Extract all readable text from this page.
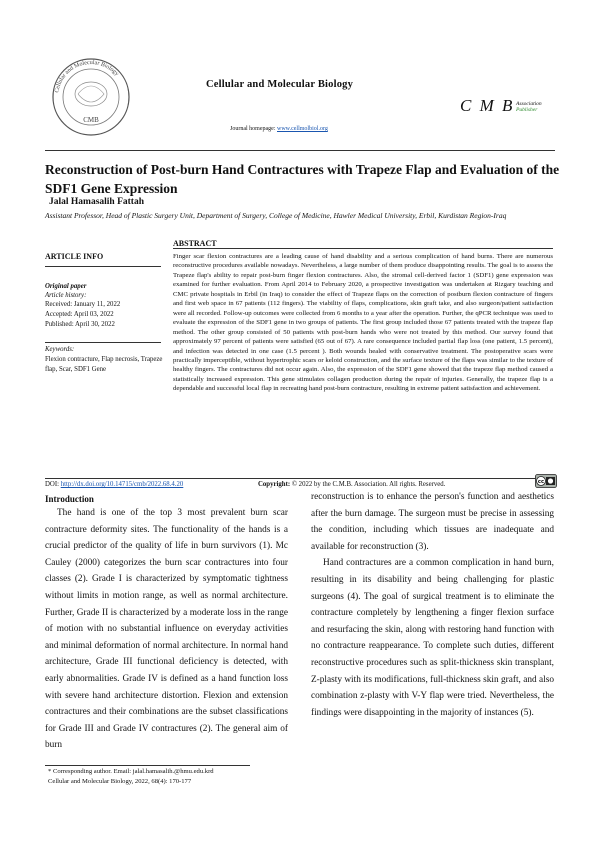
Cellular and Molecular Biology
CMB
Cellular and Molecular Biology
Journal homepage: www.cellmolbiol.org
C M B Association
Publisher
Reconstruction of Post-burn Hand Contractures with Trapeze Flap and Evaluation of the SDF1 Gene Expression
Jalal Hamasalih Fattah
Assistant Professor, Head of Plastic Surgery Unit, Department of Surgery, College of Medicine, Hawler Medical University, Erbil, Kurdistan Region-Iraq
ABSTRACT
ARTICLE INFO
Original paper
Article history:
Received: January 11, 2022
Accepted: April 03, 2022
Published: April 30, 2022
Keywords:
Flexion contracture, Flap necrosis, Trapeze flap, Scar, SDF1 Gene
Finger scar flexion contractures are a leading cause of hand disability and a serious complication of hand burns. There are numerous reconstructive procedures available nowadays. Nevertheless, a large number of them produce disappointing results. The goal is to assess the Trapeze flap's ability to repair post-burn finger flexion contractures. Also, the stromal cell-derived factor 1 (SDF1) gene expression was examined for further evaluation. From April 2014 to February 2020, a prospective investigation was undertaken at Rizgary teaching and CMC private hospitals in Erbil (in Iraq) to consider the effect of Trapeze flaps on the correction of postburn flexion contracture of fingers and first web space in 67 patients (112 fingers). The viability of flaps, complications, skin graft take, and also surgeon/patient satisfaction were all recorded. Follow-up outcomes were collected from 6 months to a year after the operation. Further, the qPCR technique was used to evaluate the expression of the SDF1 gene in two groups of patients. The first group included those 67 patients treated with the trapeze flap method. The other group consisted of 50 patients with post-burn hands who were not treated by this method. Our survey found that approximately 97 percent of patients were satisfied (65 out of 67). A rare consequence included partial flap loss (one patient, 1.5 percent), and infection was detected in one case (1.5 percent ). Both wounds healed with conservative treatment. The postoperative scars were practically imperceptible, without hypertrophic scars or keloid construction, and the surface texture of the flaps was similar to the texture of healthy fingers. The contractures did not occur again. Also, the expression of the SDF1 gene showed that the trapeze flap method caused a statistically increased expression. This gene stimulates collagen production during the repair of injuries. Generally, the trapeze flap is a dependable and successful local flap in recreating hand post-burn contracture, resulting in extreme patient satisfaction and achievement.
DOI: http://dx.doi.org/10.14715/cmb/2022.68.4.20	Copyright: © 2022 by the C.M.B. Association. All rights. Reserved.	cc
Introduction

The hand is one of the top 3 most prevalent burn scar contracture deformity sites. The functionality of the hands is a crucial predictor of the quality of life in burn survivors (1). Mc Cauley (2000) categorizes the burn scar contractures into four classes (2). Grade I is characterized by symptomatic tightness without limits in motion range, as well as normal architecture. Further, Grade II is characterized by a moderate loss in the range of motion with no substantial influence on everyday activities and minimal deformation of normal architecture. In normal hand architecture, Grade III functional deficiency is detected, with early abnormalities. Grade IV is defined as a hand function loss with severe hand architecture distortion. Flexion and extension contractures and their combinations are the subset classifications for Grade III and Grade IV contractures (2). The general aim of burn

reconstruction is to enhance the person's function and aesthetics after the burn damage. The surgeon must be precise in assessing the condition, including which tissues are inadequate and available for reconstruction (3).

Hand contractures are a common complication in hand burn, resulting in its disability and being challenging for plastic surgeons (4). The goal of surgical treatment is to eliminate the contracture completely by lengthening a finger flexion surface and resurfacing the skin, along with restoring hand function with no contracture reappearance. To complete such duties, different reconstructive procedures such as split-thickness skin transplant, Z-plasty with its modifications, full-thickness skin graft, and also combination z-plasty with V-Y flap were tried. Nevertheless, the findings were disappointing in the majority of instances (5).

* Corresponding author. Email: jalal.hamasalih.@hmu.edu.krd
Cellular and Molecular Biology, 2022, 68(4): 170-177
